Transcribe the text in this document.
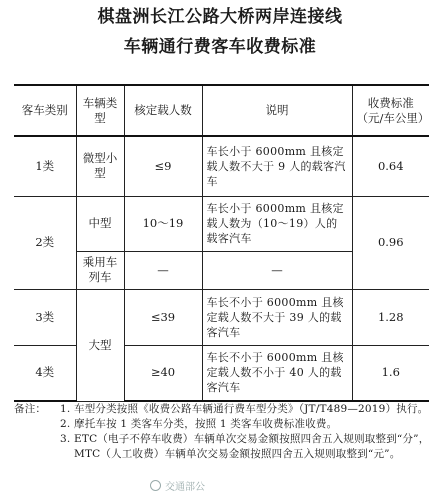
棋盘洲长江公路大桥两岸连接线
车辆通行费客车收费标准
客车类别	车辆类型	核定载人数	说明	收费标准（元/车公里）
1类	微型小型	≤9	车长小于 6000mm 且核定载人数不大于 9 人的载客汽车	0.64
2类	中型	10～19	车长小于 6000mm 且核定载人数为（10～19）人的载客汽车	0.96
	乘用车列车	—	—	
3类	大型	≤39	车长不小于 6000mm 且核定载人数不大于 39 人的载客汽车	1.28
4类		≥40	车长不小于 6000mm 且核定载人数不小于 40 人的载客汽车	1.6
备注：	1. 车型分类按照《收费公路车辆通行费车型分类》（JT/T489—2019）执行。
2. 摩托车按 1 类客车分类，按照 1 类客车收费标准收费。
3. ETC（电子不停车收费）车辆单次交易金额按照四舍五入规则取整到“分”，MTC（人工收费）车辆单次交易金额按照四舍五入规则取整到“元”。
交通部公
